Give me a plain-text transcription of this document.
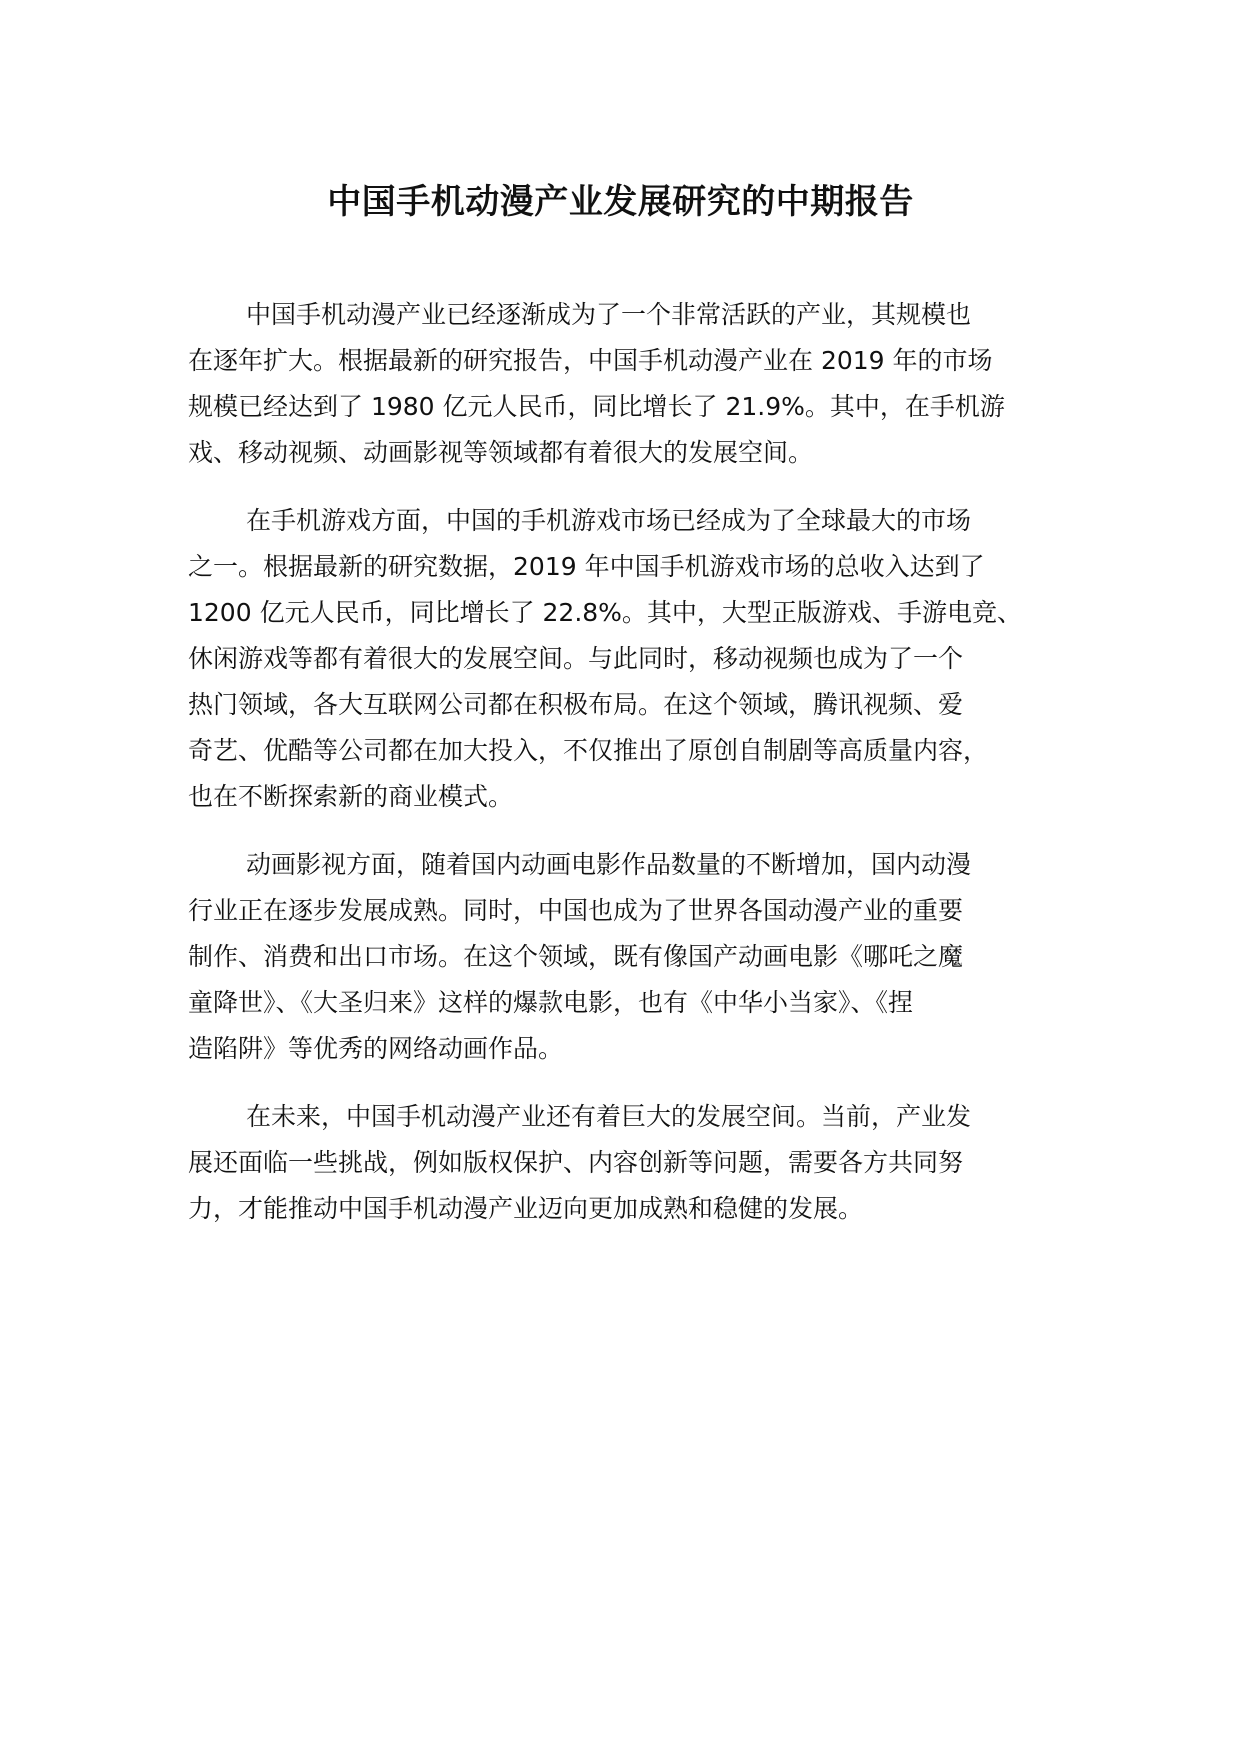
中国手机动漫产业发展研究的中期报告

中国手机动漫产业已经逐渐成为了一个非常活跃的产业，其规模也
在逐年扩大。根据最新的研究报告，中国手机动漫产业在 2019 年的市场
规模已经达到了 1980 亿元人民币，同比增长了 21.9%。其中，在手机游
戏、移动视频、动画影视等领域都有着很大的发展空间。

在手机游戏方面，中国的手机游戏市场已经成为了全球最大的市场
之一。根据最新的研究数据，2019 年中国手机游戏市场的总收入达到了
1200 亿元人民币，同比增长了 22.8%。其中，大型正版游戏、手游电竞、
休闲游戏等都有着很大的发展空间。与此同时，移动视频也成为了一个
热门领域，各大互联网公司都在积极布局。在这个领域，腾讯视频、爱
奇艺、优酷等公司都在加大投入，不仅推出了原创自制剧等高质量内容，
也在不断探索新的商业模式。

动画影视方面，随着国内动画电影作品数量的不断增加，国内动漫
行业正在逐步发展成熟。同时，中国也成为了世界各国动漫产业的重要
制作、消费和出口市场。在这个领域，既有像国产动画电影《哪吒之魔
童降世》、《大圣归来》这样的爆款电影，也有《中华小当家》、《捏
造陷阱》等优秀的网络动画作品。

在未来，中国手机动漫产业还有着巨大的发展空间。当前，产业发
展还面临一些挑战，例如版权保护、内容创新等问题，需要各方共同努
力，才能推动中国手机动漫产业迈向更加成熟和稳健的发展。
